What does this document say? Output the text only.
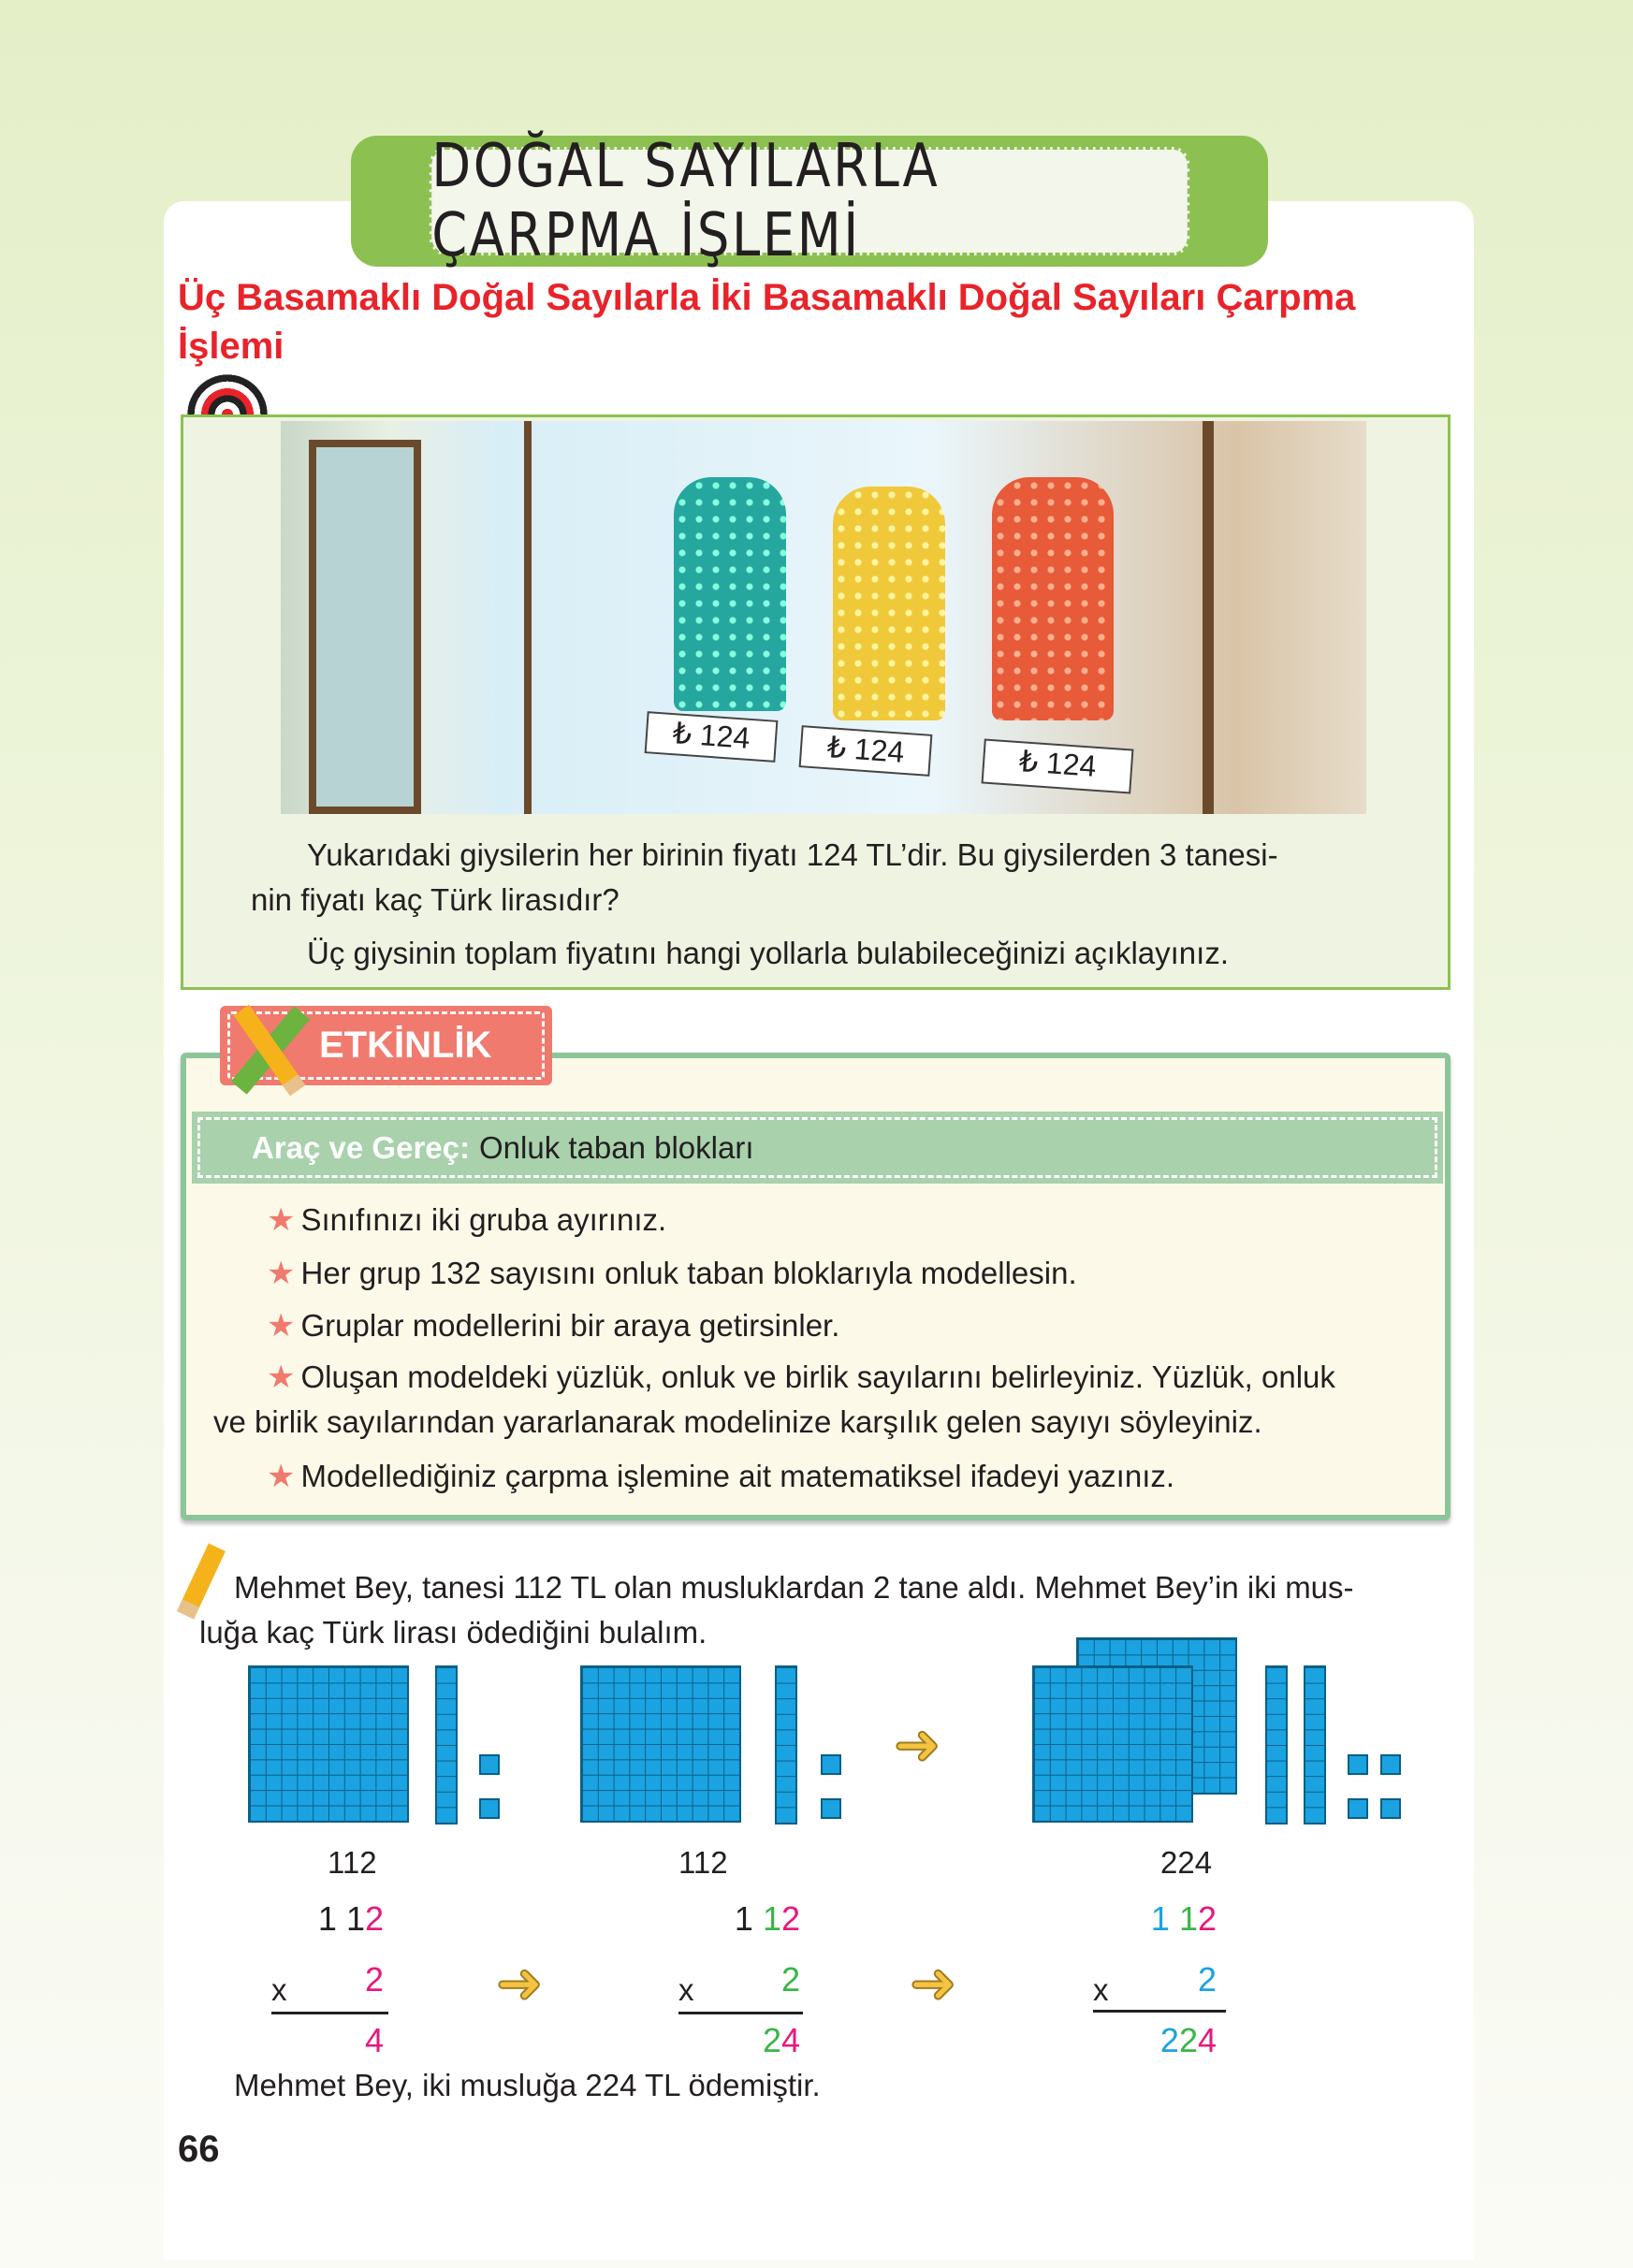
DOĞAL SAYILARLA ÇARPMA İŞLEMİ
Üç Basamaklı Doğal Sayılarla İki Basamaklı Doğal Sayıları Çarpma İşlemi
₺ 124	₺ 124	₺ 124
Yukarıdaki giysilerin her birinin fiyatı 124 TL’dir. Bu giysilerden 3 tanesi-
nin fiyatı kaç Türk lirasıdır?
Üç giysinin toplam fiyatını hangi yollarla bulabileceğinizi açıklayınız.
ETKİNLİK
Araç ve Gereç: Onluk taban blokları
★ Sınıfınızı iki gruba ayırınız.
★ Her grup 132 sayısını onluk taban bloklarıyla modellesin.
★ Gruplar modellerini bir araya getirsinler.
★ Oluşan modeldeki yüzlük, onluk ve birlik sayılarını belirleyiniz. Yüzlük, onluk
ve birlik sayılarından yararlanarak modelinize karşılık gelen sayıyı söyleyiniz.
★ Modellediğiniz çarpma işlemine ait matematiksel ifadeyi yazınız.
Mehmet Bey, tanesi 112 TL olan musluklardan 2 tane aldı. Mehmet Bey’in iki mus-
luğa kaç Türk lirası ödediğini bulalım.
➜
112	112	224
1 12
x	2
4
➜
1 12
x	2
24
➜
1 12
x	2
224
Mehmet Bey, iki musluğa 224 TL ödemiştir.
66
